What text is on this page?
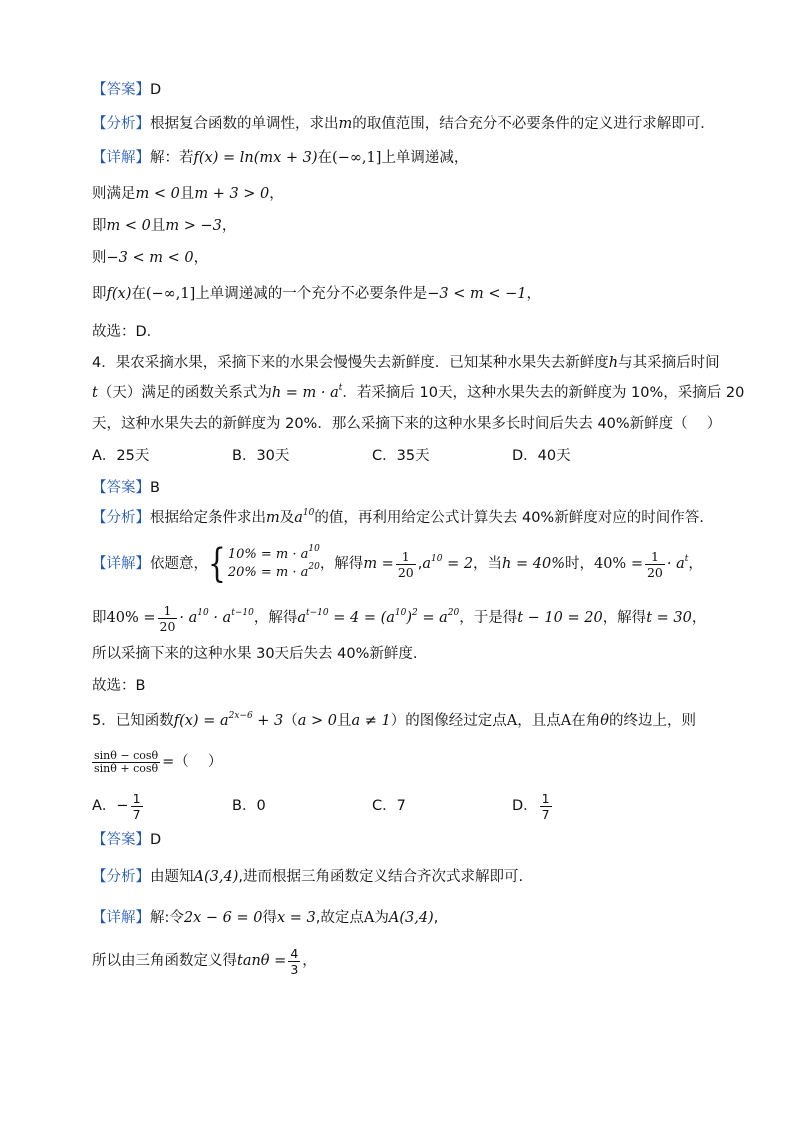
【答案】D
【分析】根据复合函数的单调性，求出m的取值范围，结合充分不必要条件的定义进行求解即可．
【详解】解：若f(x) = ln(mx + 3)在(−∞,1]上单调递减，
则满足m < 0且m + 3 > 0，
即m < 0且m > −3，
则−3 < m < 0，
即f(x)在(−∞,1]上单调递减的一个充分不必要条件是−3 < m < −1，
故选：D．
4．果农采摘水果，采摘下来的水果会慢慢失去新鲜度．已知某种水果失去新鲜度h与其采摘后时间
t（天）满足的函数关系式为$h = m \cdot a^t$．若采摘后 10天，这种水果失去的新鲜度为 10%，采摘后 20
天，这种水果失去的新鲜度为 20%．那么采摘下来的这种水果多长时间后失去 40%新鲜度（　 ）
A．25天	B．30天	C．35天	D．40天
【答案】B
【分析】根据给定条件求出m及$a^{10}$的值，再利用给定公式计算失去 40%新鲜度对应的时间作答.
【详解】依题意，{ $10\% = m \cdot a^{10}$
$20\% = m \cdot a^{20}$ ，解得$m = \frac{1}{20} ,a^{10} = 2$，当h = 40%时，$40\% = \frac{1}{20} \cdot a^t$，
即$40\% = \frac{1}{20} \cdot a^{10} \cdot a^{t-10}$，解得$a^{t-10} = 4 = (a^{10})^2 = a^{20}$，于是得t − 10 = 20，解得t = 30，
所以采摘下来的这种水果 30天后失去 40%新鲜度.
故选：B
5．已知函数$f(x) = a^{2x-6} + 3(a > 0$且a ≠ 1）的图像经过定点A，且点A在角θ的终边上，则
$\frac{\sin\theta - \cos\theta}{\sin\theta + \cos\theta}$ =（　 ）
A．− $\frac{1}{7}$	B．0	C．7	D． $\frac{1}{7}$
【答案】D
【分析】由题知A(3,4),进而根据三角函数定义结合齐次式求解即可.
【详解】解:令2x − 6 = 0得x = 3,故定点A为A(3,4),
所以由三角函数定义得$\tan\theta = \frac{4}{3}$ ，
